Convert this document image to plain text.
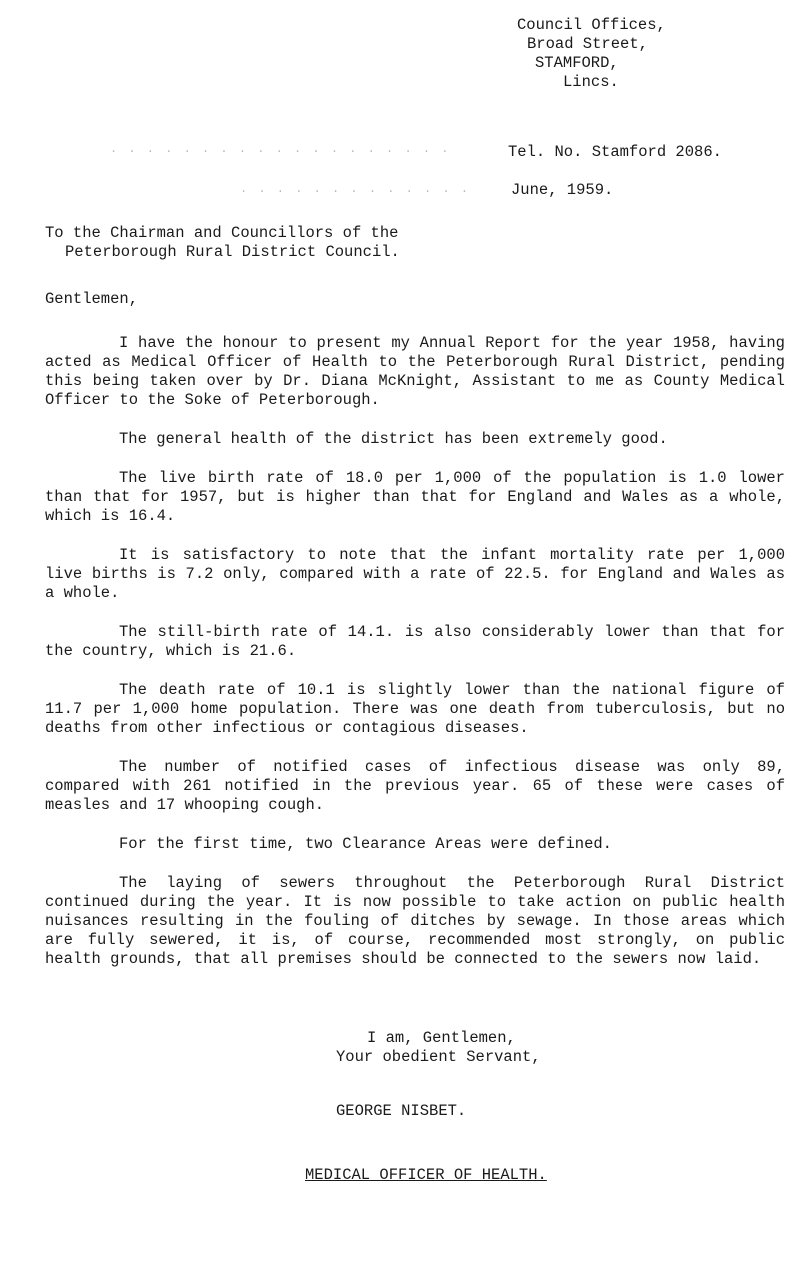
Council Offices,
Broad Street,
STAMFORD,
Lincs.
. . . . . . . . . . . . . . . . . . .	Tel. No. Stamford 2086.
. . . . . . . . . . . . .	June, 1959.
To the Chairman and Councillors of the
Peterborough Rural District Council.
Gentlemen,

I have the honour to present my Annual Report for the year 1958, having acted as Medical Officer of Health to the Peterborough Rural District, pending this being taken over by Dr. Diana McKnight, Assistant to me as County Medical Officer to the Soke of Peterborough.

The general health of the district has been extremely good.

The live birth rate of 18.0 per 1,000 of the population is 1.0 lower than that for 1957, but is higher than that for England and Wales as a whole, which is 16.4.

It is satisfactory to note that the infant mortality rate per 1,000 live births is 7.2 only, compared with a rate of 22.5. for England and Wales as a whole.

The still-birth rate of 14.1. is also considerably lower than that for the country, which is 21.6.

The death rate of 10.1 is slightly lower than the national figure of 11.7 per 1,000 home population. There was one death from tuberculosis, but no deaths from other infectious or contagious diseases.

The number of notified cases of infectious disease was only 89, compared with 261 notified in the previous year. 65 of these were cases of measles and 17 whooping cough.

For the first time, two Clearance Areas were defined.

The laying of sewers throughout the Peterborough Rural District continued during the year. It is now possible to take action on public health nuisances resulting in the fouling of ditches by sewage. In those areas which are fully sewered, it is, of course, recommended most strongly, on public health grounds, that all premises should be connected to the sewers now laid.

I am, Gentlemen,
Your obedient Servant,
GEORGE NISBET.
MEDICAL OFFICER OF HEALTH.
